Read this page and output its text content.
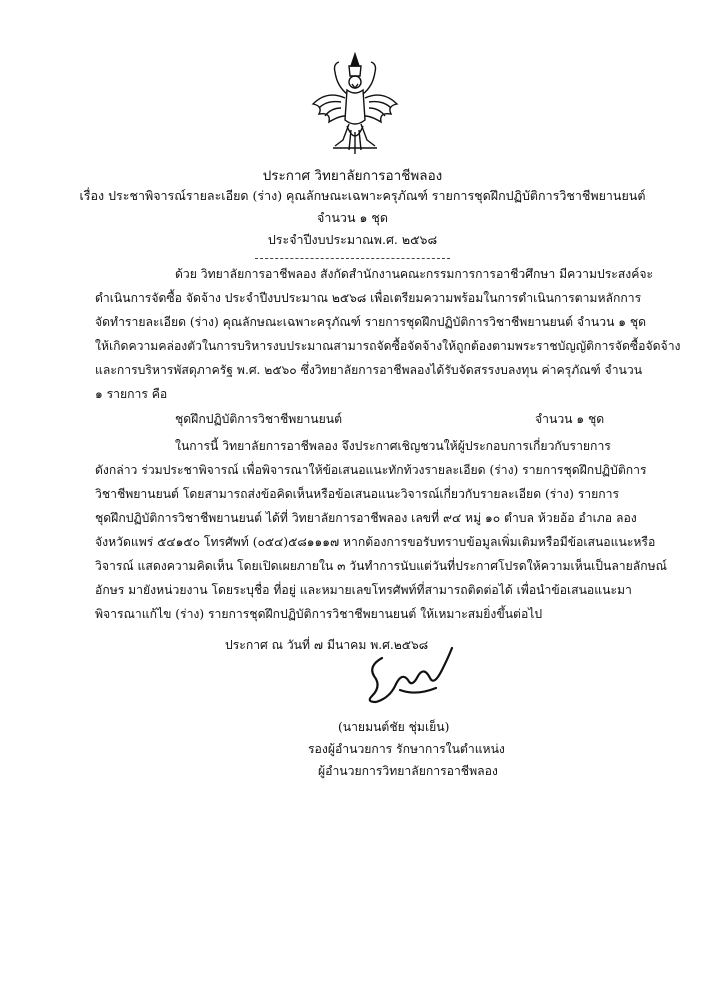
ประกาศ วิทยาลัยการอาชีพลอง
เรื่อง ประชาพิจารณ์รายละเอียด (ร่าง) คุณลักษณะเฉพาะครุภัณฑ์ รายการชุดฝึกปฏิบัติการวิชาชีพยานยนต์
จำนวน ๑ ชุด
ประจำปีงบประมาณพ.ศ. ๒๕๖๘
ด้วย วิทยาลัยการอาชีพลอง สังกัดสำนักงานคณะกรรมการการอาชีวศึกษา มีความประสงค์จะ
ดำเนินการจัดซื้อ จัดจ้าง ประจำปีงบประมาณ ๒๕๖๘ เพื่อเตรียมความพร้อมในการดำเนินการตามหลักการ
จัดทำรายละเอียด (ร่าง) คุณลักษณะเฉพาะครุภัณฑ์ รายการชุดฝึกปฏิบัติการวิชาชีพยานยนต์ จำนวน ๑ ชุด
ให้เกิดความคล่องตัวในการบริหารงบประมาณสามารถจัดซื้อจัดจ้างให้ถูกต้องตามพระราชบัญญัติการจัดซื้อจัดจ้าง
และการบริหารพัสดุภาครัฐ พ.ศ. ๒๕๖๐ ซึ่งวิทยาลัยการอาชีพลองได้รับจัดสรรงบลงทุน ค่าครุภัณฑ์ จำนวน
๑ รายการ คือ
ชุดฝึกปฏิบัติการวิชาชีพยานยนต์	จำนวน ๑ ชุด
ในการนี้ วิทยาลัยการอาชีพลอง จึงประกาศเชิญชวนให้ผู้ประกอบการเกี่ยวกับรายการ
ดังกล่าว ร่วมประชาพิจารณ์ เพื่อพิจารณาให้ข้อเสนอแนะทักท้วงรายละเอียด (ร่าง) รายการชุดฝึกปฏิบัติการ
วิชาชีพยานยนต์ โดยสามารถส่งข้อคิดเห็นหรือข้อเสนอแนะวิจารณ์เกี่ยวกับรายละเอียด (ร่าง) รายการ
ชุดฝึกปฏิบัติการวิชาชีพยานยนต์ ได้ที่ วิทยาลัยการอาชีพลอง เลขที่ ๙๔ หมู่ ๑๐ ตำบล ห้วยอ้อ อำเภอ ลอง
จังหวัดแพร่ ๕๔๑๕๐ โทรศัพท์ (๐๕๔)๕๘๑๑๑๗ หากต้องการขอรับทราบข้อมูลเพิ่มเติมหรือมีข้อเสนอแนะหรือ
วิจารณ์ แสดงความคิดเห็น โดยเปิดเผยภายใน ๓ วันทำการนับแต่วันที่ประกาศโปรดให้ความเห็นเป็นลายลักษณ์
อักษร มายังหน่วยงาน โดยระบุชื่อ ที่อยู่ และหมายเลขโทรศัพท์ที่สามารถติดต่อได้ เพื่อนำข้อเสนอแนะมา
พิจารณาแก้ไข (ร่าง) รายการชุดฝึกปฏิบัติการวิชาชีพยานยนต์ ให้เหมาะสมยิ่งขึ้นต่อไป
ประกาศ ณ วันที่ ๗ มีนาคม พ.ศ.๒๕๖๘
(นายมนต์ชัย ชุ่มเย็น)
รองผู้อำนวยการ รักษาการในตำแหน่ง
ผู้อำนวยการวิทยาลัยการอาชีพลอง
